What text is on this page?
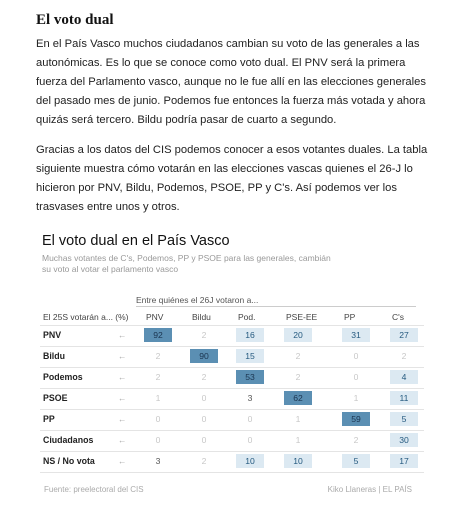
El voto dual

En el País Vasco muchos ciudadanos cambian su voto de las generales a las autonómicas. Es lo que se conoce como voto dual. El PNV será la primera fuerza del Parlamento vasco, aunque no le fue allí en las elecciones generales del pasado mes de junio. Podemos fue entonces la fuerza más votada y ahora quizás será tercero. Bildu podría pasar de cuarto a segundo.

Gracias a los datos del CIS podemos conocer a esos votantes duales. La tabla siguiente muestra cómo votarán en las elecciones vascas quienes el 26-J lo hicieron por PNV, Bildu, Podemos, PSOE, PP y C's. Así podemos ver los trasvases entre unos y otros.

El voto dual en el País Vasco
Muchas votantes de C's, Podemos, PP y PSOE para las generales, cambián su voto al votar el parlamento vasco
Entre quiénes el 26J votaron a...
El 25S votarán a... (%) PNV	Bildu	Pod.	PSE-EE	PP	C's
PNV	←	92	2	16	20	31	27
Bildu	←	2	90	15	2	0	2
Podemos	←	2	2	53	2	0	4
PSOE	←	1	0	3	62	1	11
PP	←	0	0	0	1	59	5
Ciudadanos	←	0	0	0	1	2	30
NS / No vota	←	3	2	10	10	5	17
Fuente: preelectoral del CIS	Kiko Llaneras | EL PAÍS
